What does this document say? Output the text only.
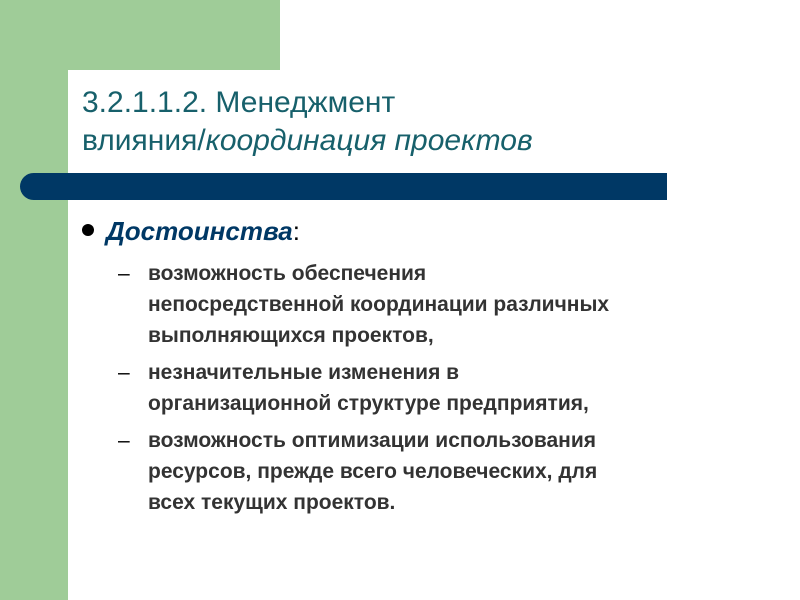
3.2.1.1.2. Менеджмент
влияния/координация проектов
Достоинства:
– возможность обеспечения
непосредственной координации различных
выполняющихся проектов,
– незначительные изменения в
организационной структуре предприятия,
– возможность оптимизации использования
ресурсов, прежде всего человеческих, для
всех текущих проектов.
